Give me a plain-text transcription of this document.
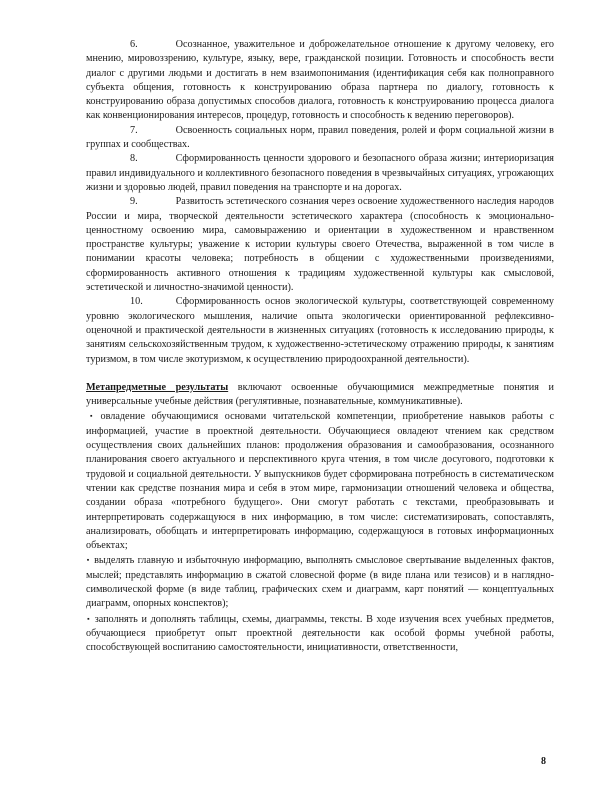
6.	Осознанное, уважительное и доброжелательное отношение к другому человеку, его мнению, мировоззрению, культуре, языку, вере, гражданской позиции. Готовность и способность вести диалог с другими людьми и достигать в нем взаимопонимания (идентификация себя как полноправного субъекта общения, готовность к конструированию образа партнера по диалогу, готовность к конструированию образа допустимых способов диалога, готовность к конструированию процесса диалога как конвенционирования интересов, процедур, готовность и способность к ведению переговоров).

7.	Освоенность социальных норм, правил поведения, ролей и форм социальной жизни в группах и сообществах.

8.	Сформированность ценности здорового и безопасного образа жизни; интериоризация правил индивидуального и коллективного безопасного поведения в чрезвычайных ситуациях, угрожающих жизни и здоровью людей, правил поведения на транспорте и на дорогах.

9.	Развитость эстетического сознания через освоение художественного наследия народов России и мира, творческой деятельности эстетического характера (способность к эмоционально-ценностному освоению мира, самовыражению и ориентации в художественном и нравственном пространстве культуры; уважение к истории культуры своего Отечества, выраженной в том числе в понимании красоты человека; потребность в общении с художественными произведениями, сформированность активного отношения к традициям художественной культуры как смысловой, эстетической и личностно-значимой ценности).

10.	Сформированность основ экологической культуры, соответствующей современному уровню экологического мышления, наличие опыта экологически ориентированной рефлексивно-оценочной и практической деятельности в жизненных ситуациях (готовность к исследованию природы, к занятиям сельскохозяйственным трудом, к художественно-эстетическому отражению природы, к занятиям туризмом, в том числе экотуризмом, к осуществлению природоохранной деятельности).

Метапредметные результаты включают освоенные обучающимися межпредметные понятия и универсальные учебные действия (регулятивные, познавательные, коммуникативные).

▪ овладение обучающимися основами читательской компетенции, приобретение навыков работы с информацией, участие в проектной деятельности. Обучающиеся овладеют чтением как средством осуществления своих дальнейших планов: продолжения образования и самообразования, осознанного планирования своего актуального и перспективного круга чтения, в том числе досугового, подготовки к трудовой и социальной деятельности. У выпускников будет сформирована потребность в систематическом чтении как средстве познания мира и себя в этом мире, гармонизации отношений человека и общества, создании образа «потребного будущего». Они смогут работать с текстами, преобразовывать и интерпретировать содержащуюся в них информацию, в том числе: систематизировать, сопоставлять, анализировать, обобщать и интерпретировать информацию, содержащуюся в готовых информационных объектах;

▪ выделять главную и избыточную информацию, выполнять смысловое свертывание выделенных фактов, мыслей; представлять информацию в сжатой словесной форме (в виде плана или тезисов) и в наглядно- символической форме (в виде таблиц, графических схем и диаграмм, карт понятий — концептуальных диаграмм, опорных конспектов);

▪ заполнять и дополнять таблицы, схемы, диаграммы, тексты. В ходе изучения всех учебных предметов, обучающиеся приобретут опыт проектной деятельности как особой формы учебной работы, способствующей воспитанию самостоятельности, инициативности, ответственности,

8
